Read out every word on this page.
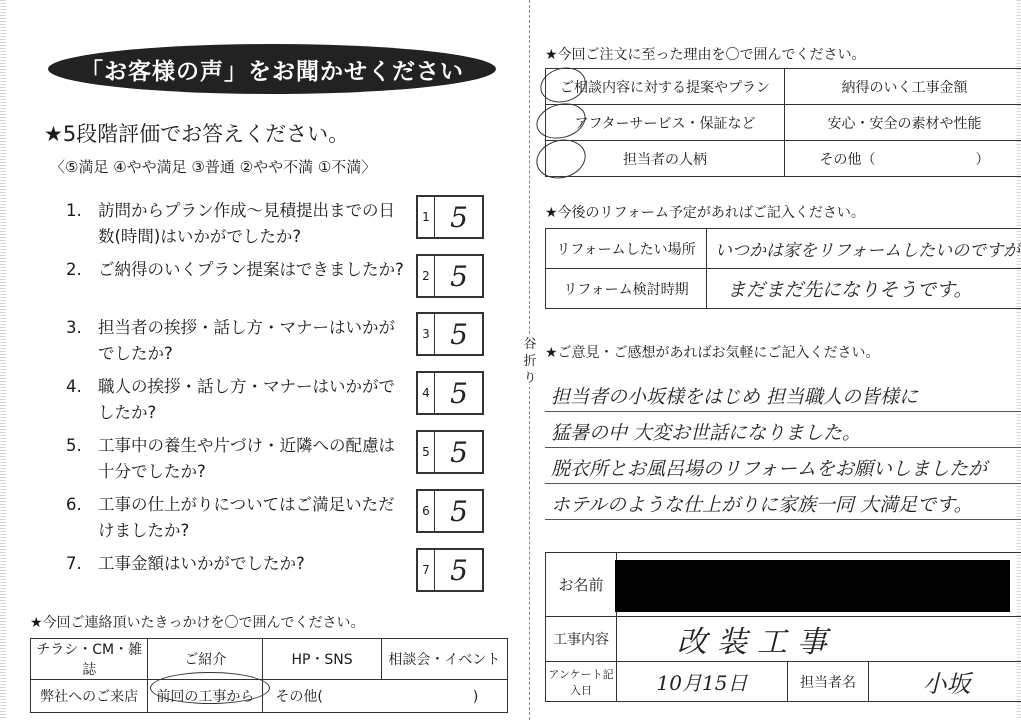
谷折り
「お客様の声」をお聞かせください
★5段階評価でお答えください。
〈⑤満足 ④やや満足 ③普通 ②やや不満 ①不満〉
1. 訪問からプラン作成～見積提出までの日数(時間)はいかがでしたか?
1 5
2. ご納得のいくプラン提案はできましたか?	2 5
3. 担当者の挨拶・話し方・マナーはいかがでしたか?
3 5
4. 職人の挨拶・話し方・マナーはいかがでしたか?
4 5
5. 工事中の養生や片づけ・近隣への配慮は十分でしたか?
5 5
6. 工事の仕上がりについてはご満足いただけましたか?
6 5
7. 工事金額はいかがでしたか?	7 5
★今回ご連絡頂いたきっかけを〇で囲んでください。
チラシ・CM・雑誌	ご紹介	HP・SNS	相談会・イベント
弊社へのご来店	前回の工事から	その他( )	
★今回ご注文に至った理由を〇で囲んでください。
ご相談内容に対する提案やプラン	納得のいく工事金額
アフターサービス・保証など	安心・安全の素材や性能
担当者の人柄	その他（ ）
★今後のリフォーム予定があればご記入ください。
リフォームしたい場所	いつかは家をリフォームしたいのですが
リフォーム検討時期	まだまだ先になりそうです。
★ご意見・ご感想があればお気軽にご記入ください。
担当者の小坂様をはじめ 担当職人の皆様に
猛暑の中 大変お世話になりました。
脱衣所とお風呂場のリフォームをお願いしましたが
ホテルのような仕上がりに家族一同 大満足です。
お名前			
工事内容	改装工事		
アンケート記入日	10月15日	担当者名	小坂
